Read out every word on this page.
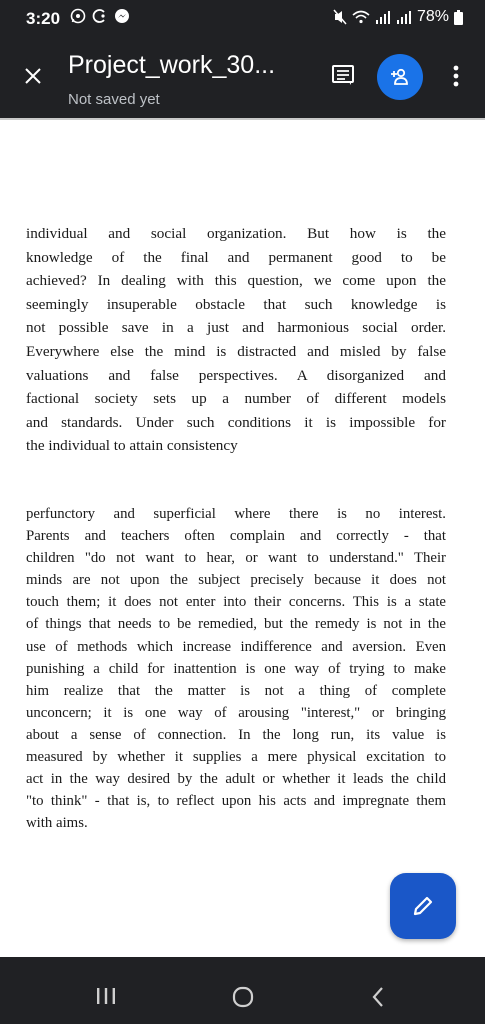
3:20	78%
Project_work_30...
Not saved yet
individual and social organization. But how is the
knowledge of the final and permanent good to be
achieved? In dealing with this question, we come upon the
seemingly insuperable obstacle that such knowledge is
not possible save in a just and harmonious social order.
Everywhere else the mind is distracted and misled by false
valuations and false perspectives. A disorganized and
factional society sets up a number of different models
and standards. Under such conditions it is impossible for
the individual to attain consistency
perfunctory and superficial where there is no interest.
Parents and teachers often complain and correctly - that
children "do not want to hear, or want to understand." Their
minds are not upon the subject precisely because it does not
touch them; it does not enter into their concerns. This is a state
of things that needs to be remedied, but the remedy is not in the
use of methods which increase indifference and aversion. Even
punishing a child for inattention is one way of trying to make
him realize that the matter is not a thing of complete
unconcern; it is one way of arousing "interest," or bringing
about a sense of connection. In the long run, its value is
measured by whether it supplies a mere physical excitation to
act in the way desired by the adult or whether it leads the child
"to think" - that is, to reflect upon his acts and impregnate them
with aims.
